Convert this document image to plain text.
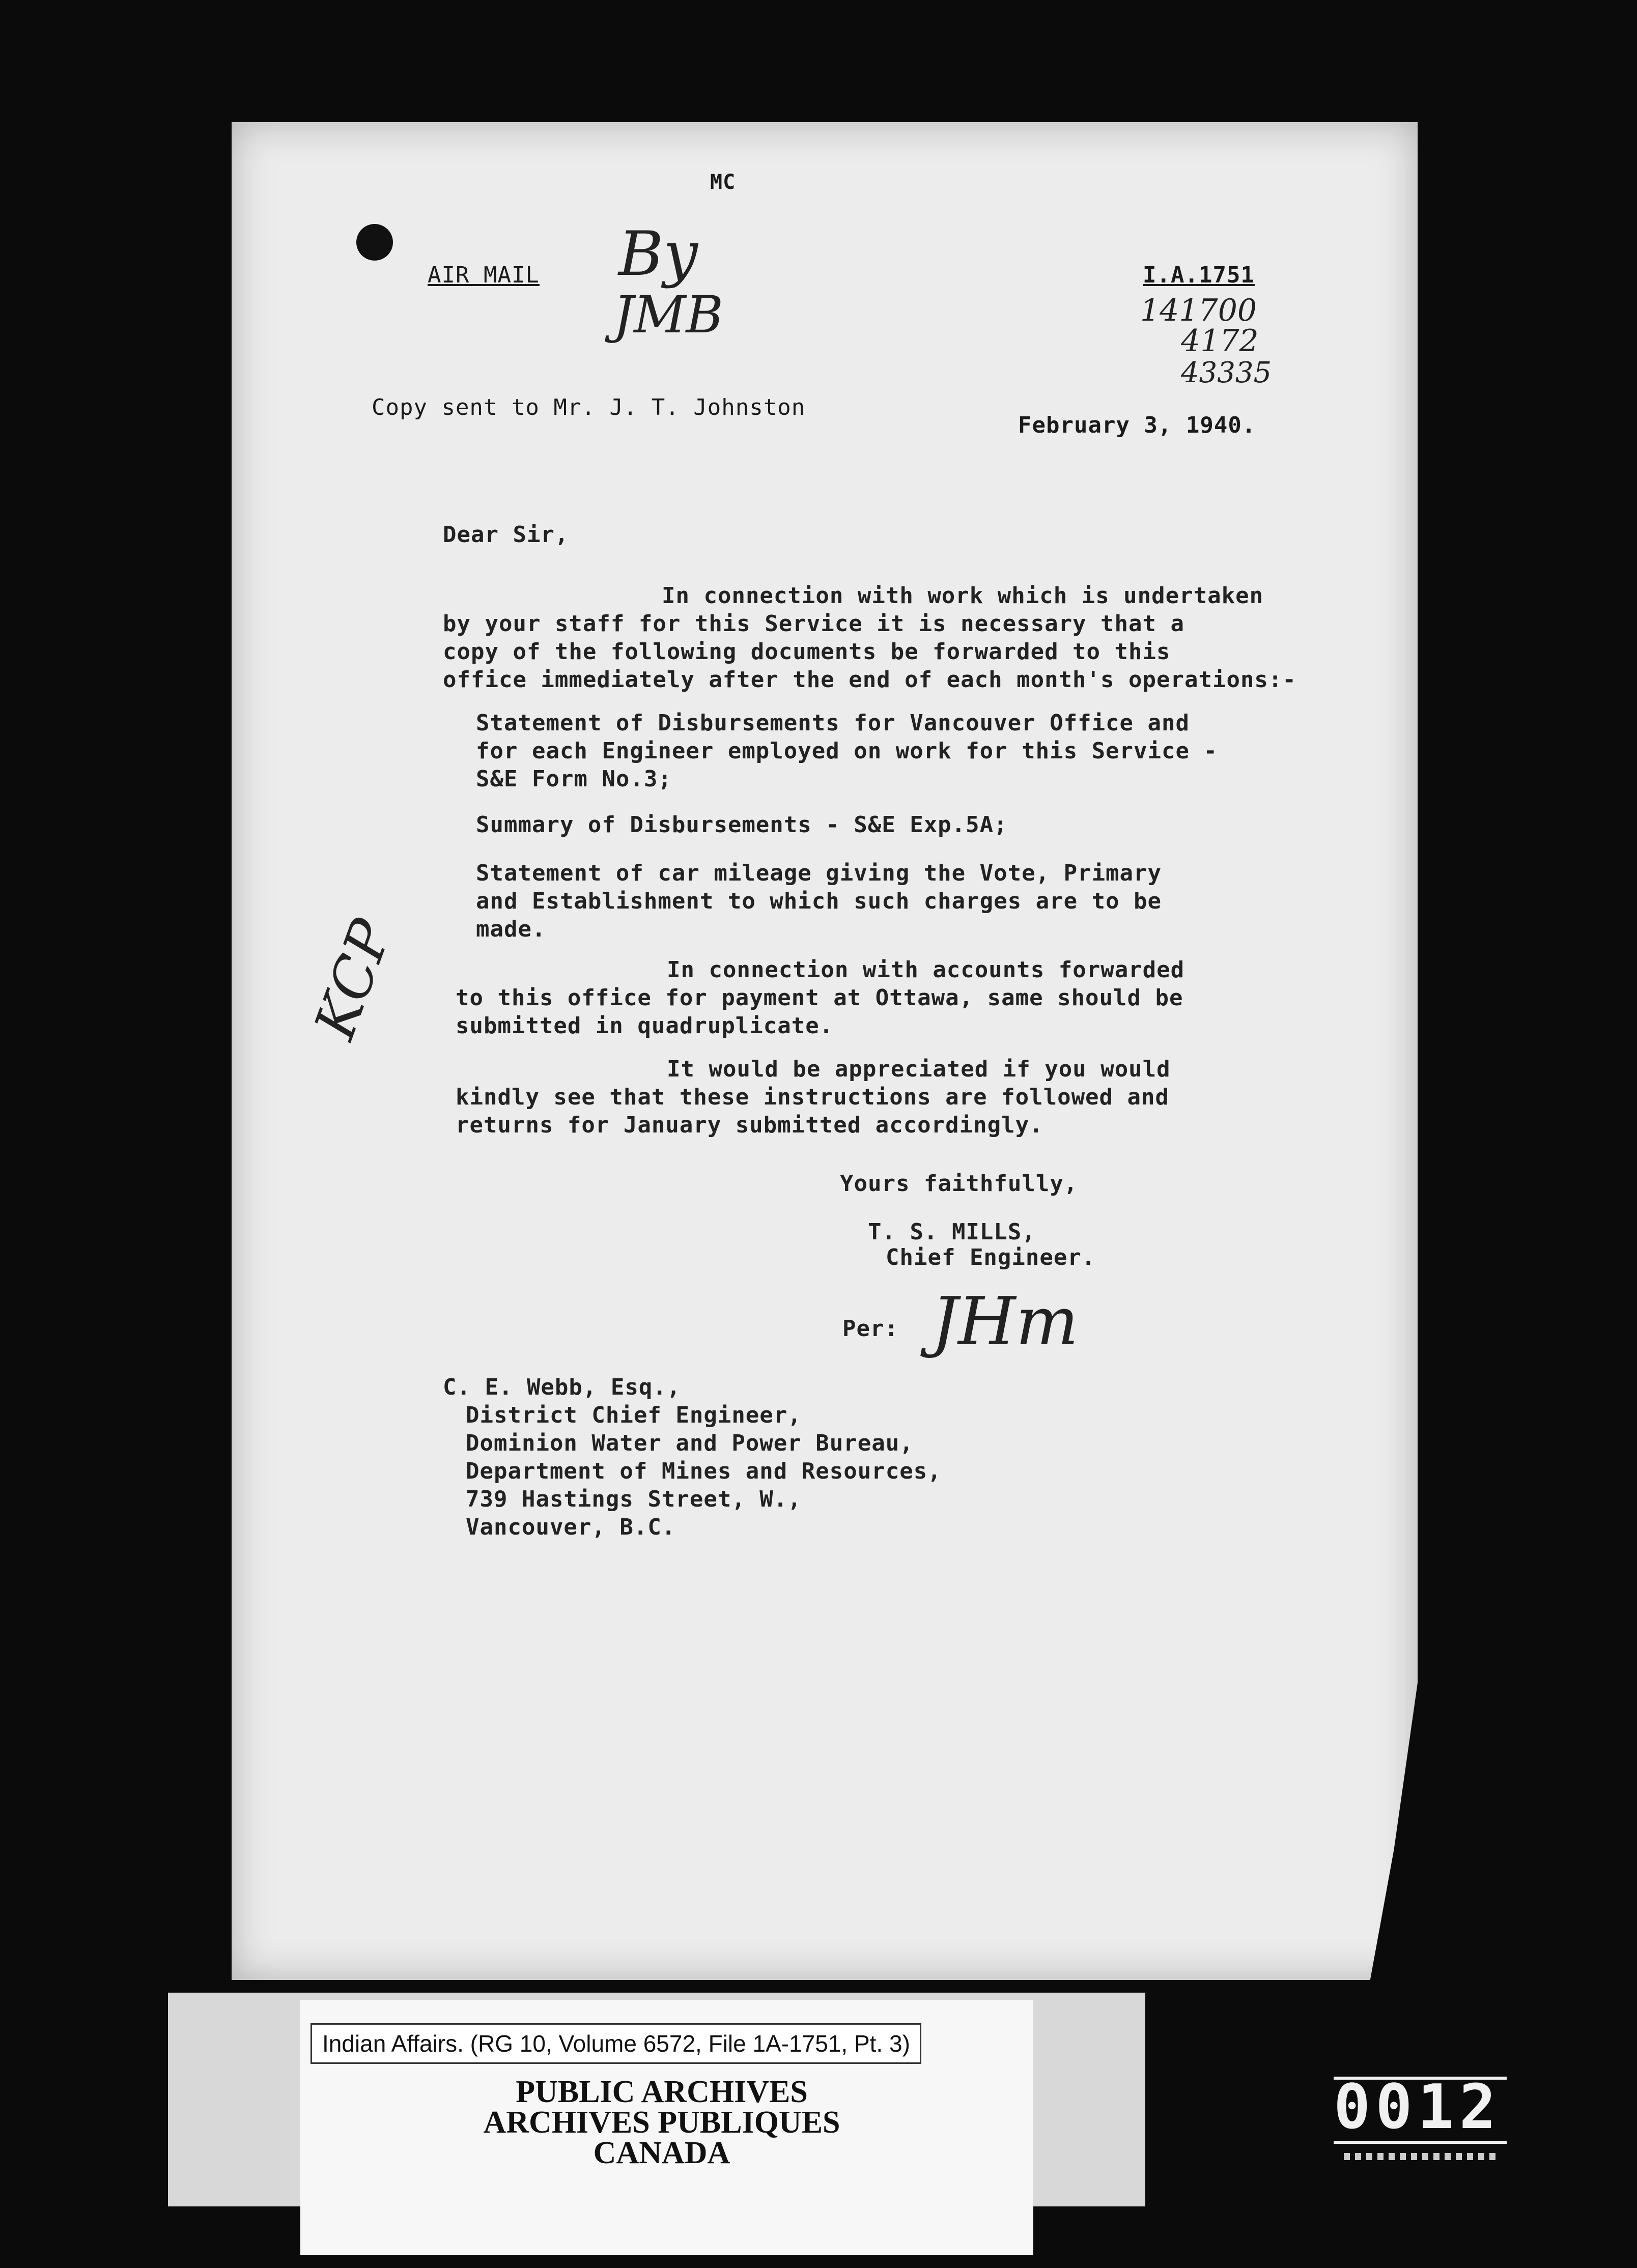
MC
AIR MAIL By
JMB
I.A.1751
141700
4172
43335
Copy sent to Mr. J. T. Johnston
February 3, 1940.
Dear Sir,
In connection with work which is undertaken
by your staff for this Service it is necessary that a
copy of the following documents be forwarded to this
office immediately after the end of each month's operations:-
Statement of Disbursements for Vancouver Office and
for each Engineer employed on work for this Service -
S&E Form No.3;
Summary of Disbursements - S&E Exp.5A;
Statement of car mileage giving the Vote, Primary
and Establishment to which such charges are to be
made.
In connection with accounts forwarded
to this office for payment at Ottawa, same should be
submitted in quadruplicate.
It would be appreciated if you would
kindly see that these instructions are followed and
returns for January submitted accordingly.
KCP
Yours faithfully,
T. S. MILLS,
Chief Engineer.
Per: JHm
C. E. Webb, Esq.,
District Chief Engineer,
Dominion Water and Power Bureau,
Department of Mines and Resources,
739 Hastings Street, W.,
Vancouver, B.C.
Indian Affairs. (RG 10, Volume 6572, File 1A-1751, Pt. 3)
PUBLIC ARCHIVES
ARCHIVES PUBLIQUES
CANADA
0012
